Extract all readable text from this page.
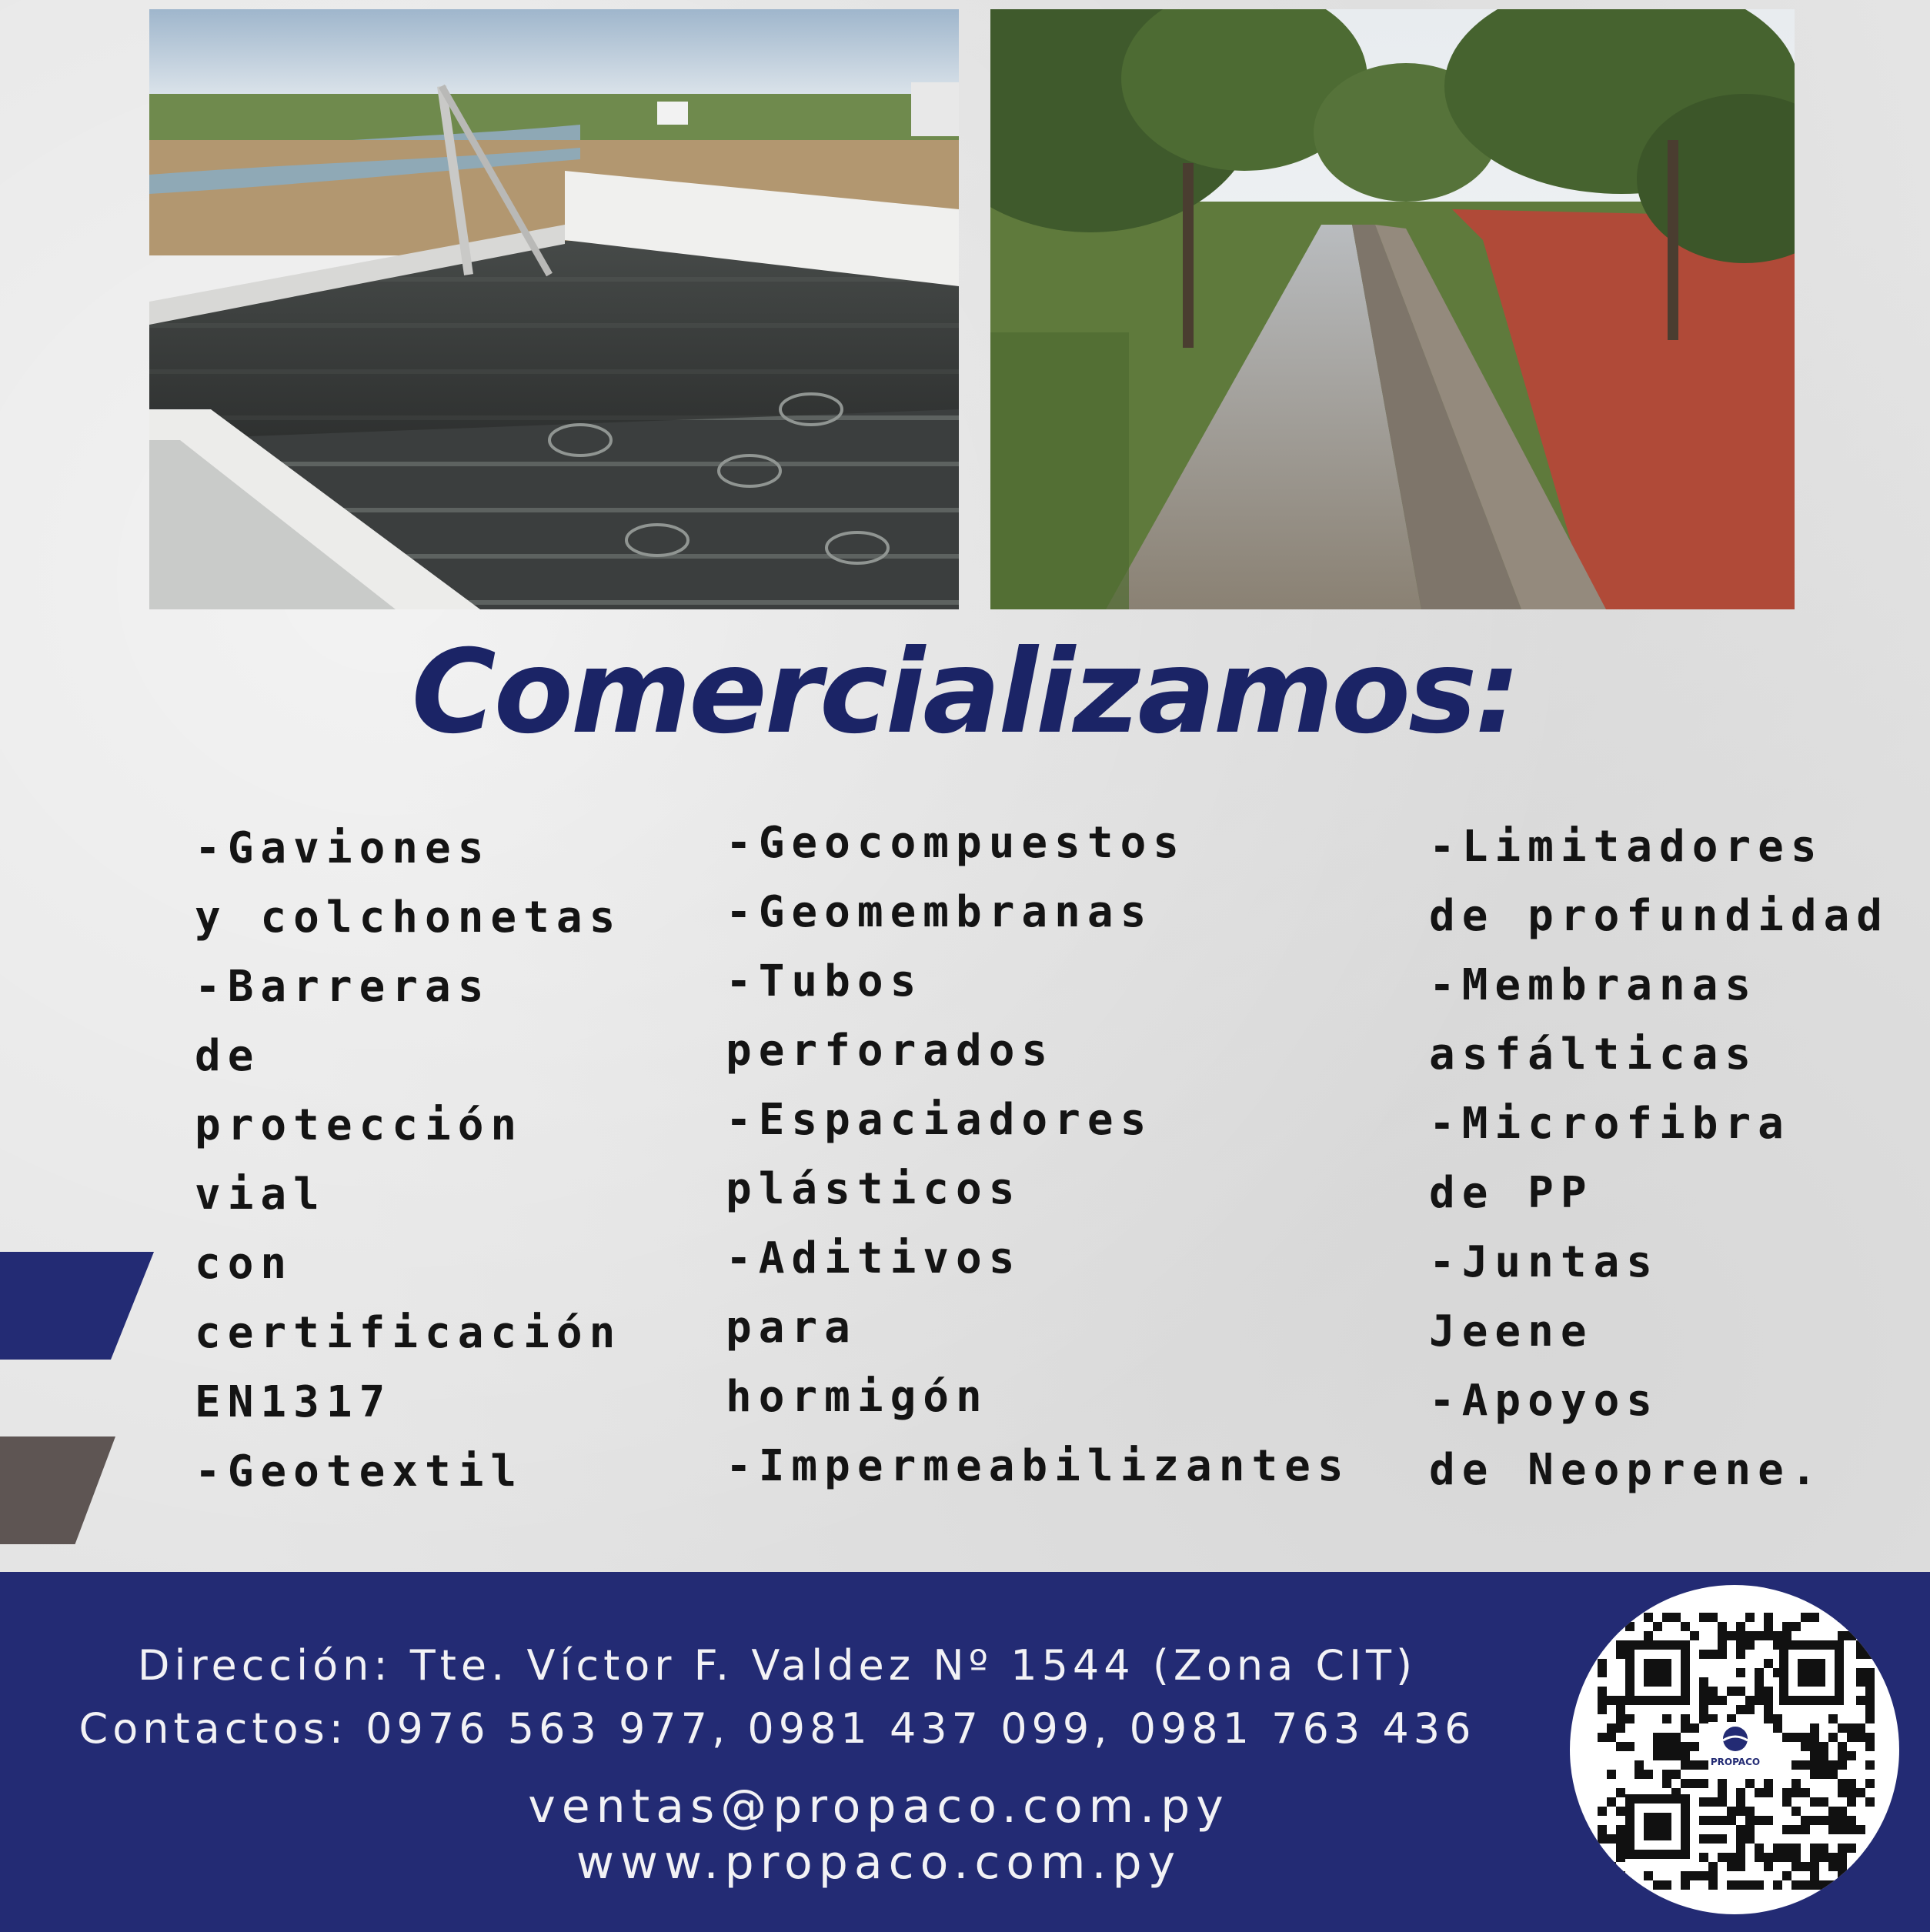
Comercializamos:
-Gaviones
y colchonetas
-Barreras
de
protección
vial
con
certificación
EN1317
-Geotextil
-Geocompuestos
-Geomembranas
-Tubos
perforados
-Espaciadores
plásticos
-Aditivos
para
hormigón
-Impermeabilizantes
-Limitadores
de profundidad
-Membranas
asfálticas
-Microfibra
de PP
-Juntas
Jeene
-Apoyos
de Neoprene.

Dirección: Tte. Víctor F. Valdez Nº 1544 (Zona CIT)

Contactos: 0976 563 977, 0981 437 099, 0981 763 436

ventas@propaco.com.py

www.propaco.com.py

PROPACO
